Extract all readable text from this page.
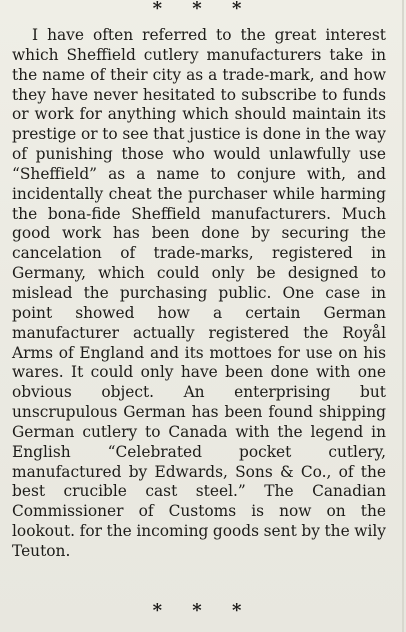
* * *

I have often referred to the great interest which Sheffield cutlery manufacturers take in the name of their city as a trade-mark, and how they have never hesitated to subscribe to funds or work for anything which should maintain its prestige or to see that justice is done in the way of punishing those who would unlawfully use “Sheffield” as a name to conjure with, and incidentally cheat the purchaser while harming the bona-fide Sheffield manufacturers. Much good work has been done by securing the cancelation of trade-marks, registered in Germany, which could only be designed to mislead the purchasing public. One case in point showed how a certain German manufacturer actually registered the Royål Arms of England and its mottoes for use on his wares. It could only have been done with one obvious object. An enterprising but unscrupulous German has been found shipping German cutlery to Canada with the legend in English “Celebrated pocket cutlery, manufactured by Edwards, Sons & Co., of the best crucible cast steel.” The Canadian Commissioner of Customs is now on the lookout. for the incoming goods sent by the wily Teuton.

* * *
